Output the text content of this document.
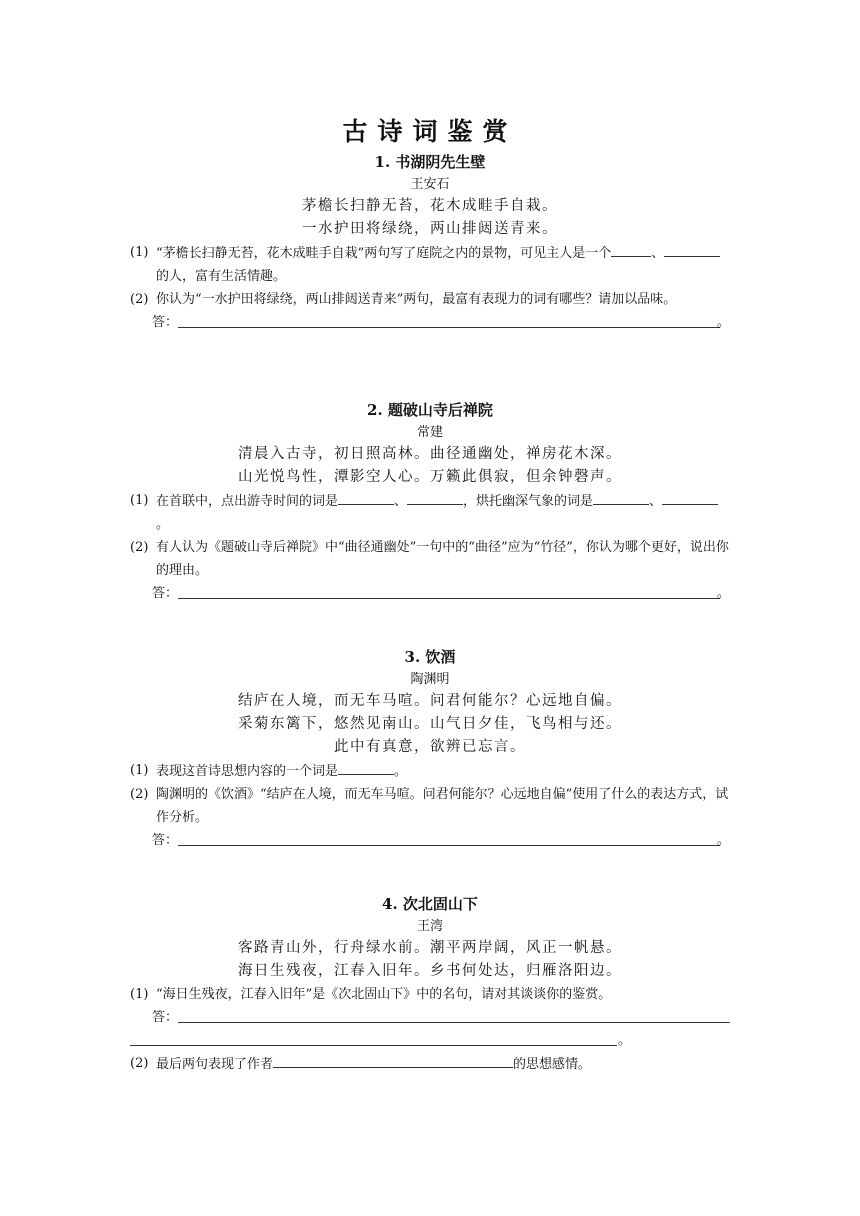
古诗词鉴赏
1. 书湖阴先生壁
王安石
茅檐长扫静无苔，花木成畦手自栽。
一水护田将绿绕，两山排闼送青来。
(1) “茅檐长扫静无苔，花木成畦手自栽”两句写了庭院之内的景物，可见主人是一个	、的人，富有生活情趣。
(2) 你认为“一水护田将绿绕，两山排闼送青来”两句，最富有表现力的词有哪些？请加以品味。
答：	。
2. 题破山寺后禅院
常建
清晨入古寺，初日照高林。曲径通幽处，禅房花木深。
山光悦鸟性，潭影空人心。万籁此俱寂，但余钟磬声。
(1) 在首联中，点出游寺时间的词是	、	，烘托幽深气象的词是	、。
(2) 有人认为《题破山寺后禅院》中“曲径通幽处”一句中的“曲径”应为“竹径”，你认为哪个更好，说出你的理由。
答：	。
3. 饮酒
陶渊明
结庐在人境，而无车马喧。问君何能尔？心远地自偏。
采菊东篱下，悠然见南山。山气日夕佳，飞鸟相与还。
此中有真意，欲辨已忘言。
(1) 表现这首诗思想内容的一个词是	。
(2) 陶渊明的《饮酒》“结庐在人境，而无车马喧。问君何能尔？心远地自偏”使用了什么的表达方式，试作分析。
答：	。
4. 次北固山下
王湾
客路青山外，行舟绿水前。潮平两岸阔，风正一帆悬。
海日生残夜，江春入旧年。乡书何处达，归雁洛阳边。
(1) “海日生残夜，江春入旧年”是《次北固山下》中的名句，请对其谈谈你的鉴赏。
答：
。
(2) 最后两句表现了作者	的思想感情。
